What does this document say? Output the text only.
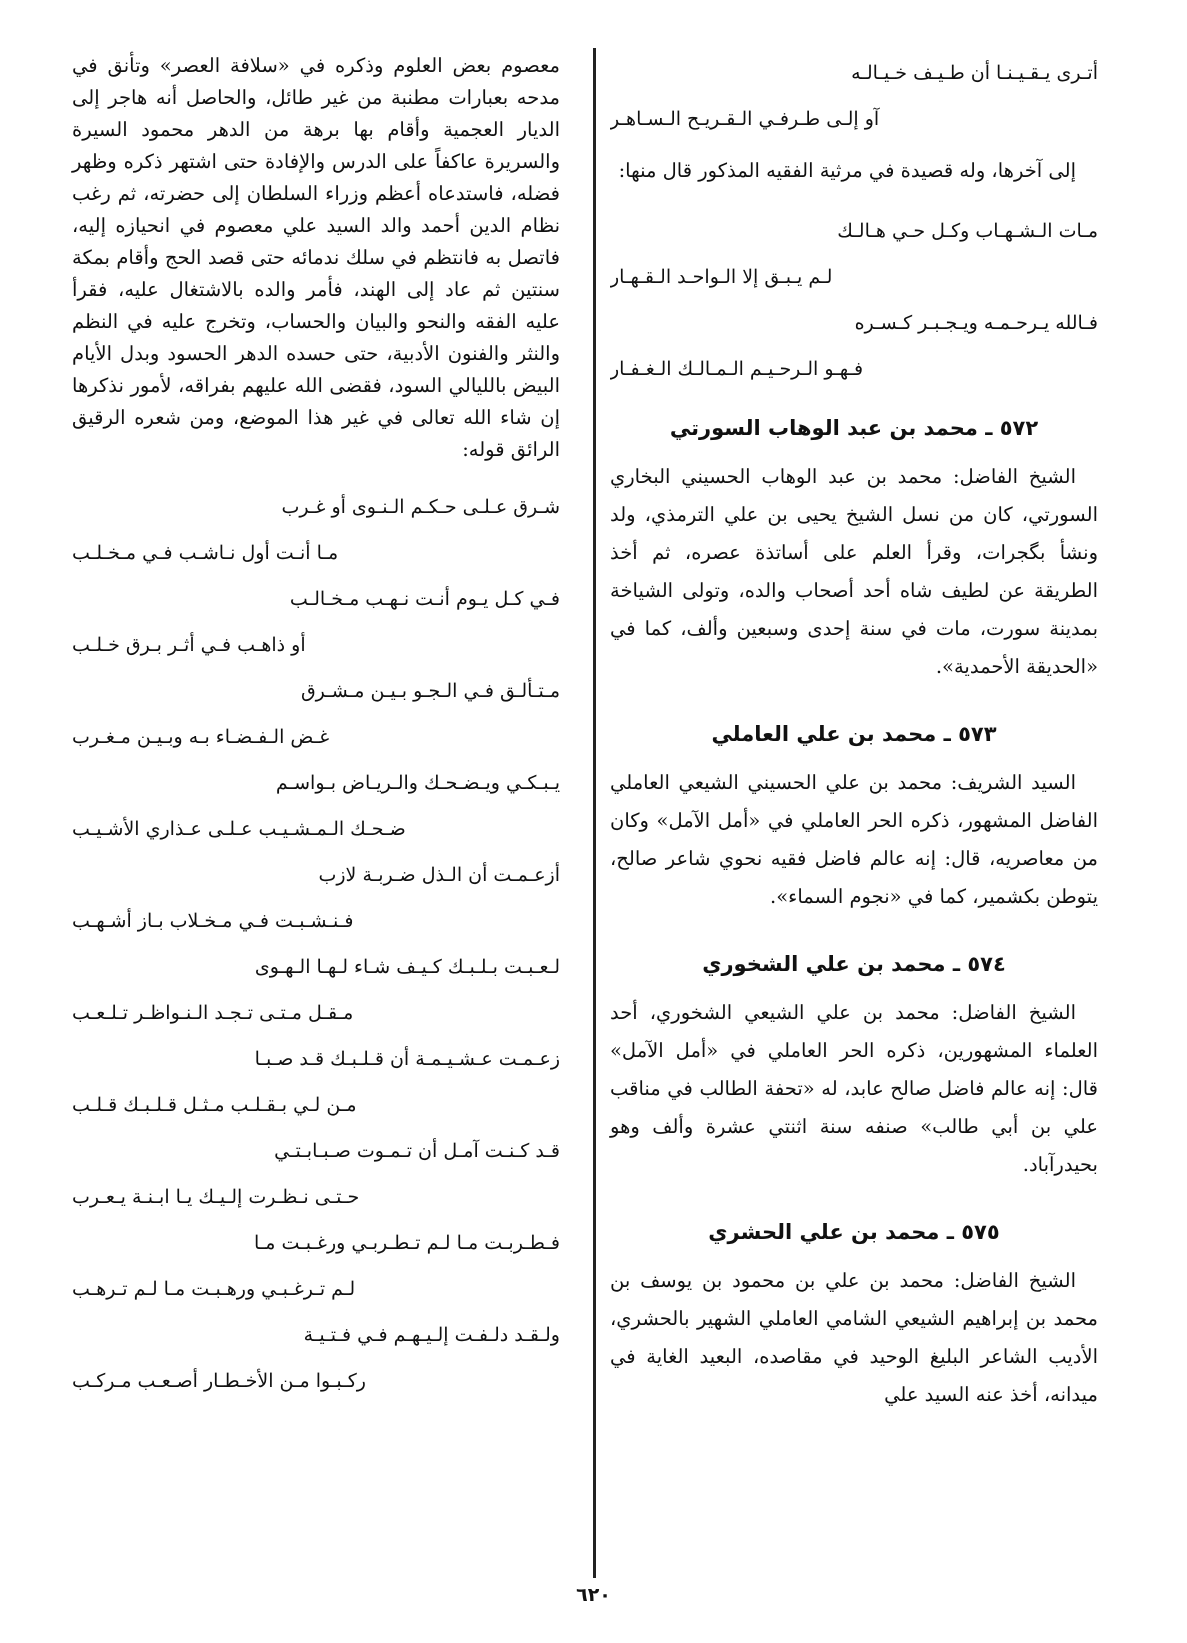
أتـرى يـقـيـنـا أن طـيـف خـيـالـه
آو إلـى طـرفـي الـقـريـح الـسـاهـر

إلى آخرها، وله قصيدة في مرثية الفقيه المذكور قال منها:

مـات الـشـهـاب وكـل حـي هـالـك
لـم يـبـق إلا الـواحـد الـقـهـار
فـالله يـرحـمـه ويـجـبـر كـسـره
فـهـو الـرحـيـم الـمـالـك الـغـفـار
٥٧٢ ـ محمد بن عبد الوهاب السورتي

الشيخ الفاضل: محمد بن عبد الوهاب الحسيني البخاري السورتي، كان من نسل الشيخ يحيى بن علي الترمذي، ولد ونشأ بگجرات، وقرأ العلم على أساتذة عصره، ثم أخذ الطريقة عن لطيف شاه أحد أصحاب والده، وتولى الشياخة بمدينة سورت، مات في سنة إحدى وسبعين وألف، كما في «الحديقة الأحمدية».

٥٧٣ ـ محمد بن علي العاملي

السيد الشريف: محمد بن علي الحسيني الشيعي العاملي الفاضل المشهور، ذكره الحر العاملي في «أمل الآمل» وكان من معاصريه، قال: إنه عالم فاضل فقيه نحوي شاعر صالح، يتوطن بكشمير، كما في «نجوم السماء».

٥٧٤ ـ محمد بن علي الشخوري

الشيخ الفاضل: محمد بن علي الشيعي الشخوري، أحد العلماء المشهورين، ذكره الحر العاملي في «أمل الآمل» قال: إنه عالم فاضل صالح عابد، له «تحفة الطالب في مناقب علي بن أبي طالب» صنفه سنة اثنتي عشرة وألف وهو بحيدرآباد.

٥٧٥ ـ محمد بن علي الحشري

الشيخ الفاضل: محمد بن علي بن محمود بن يوسف بن محمد بن إبراهيم الشيعي الشامي العاملي الشهير بالحشري، الأديب الشاعر البليغ الوحيد في مقاصده، البعيد الغاية في ميدانه، أخذ عنه السيد علي

معصوم بعض العلوم وذكره في «سلافة العصر» وتأنق في مدحه بعبارات مطنبة من غير طائل، والحاصل أنه هاجر إلى الديار العجمية وأقام بها برهة من الدهر محمود السيرة والسريرة عاكفاً على الدرس والإفادة حتى اشتهر ذكره وظهر فضله، فاستدعاه أعظم وزراء السلطان إلى حضرته، ثم رغب نظام الدين أحمد والد السيد علي معصوم في انحيازه إليه، فاتصل به فانتظم في سلك ندمائه حتى قصد الحج وأقام بمكة سنتين ثم عاد إلى الهند، فأمر والده بالاشتغال عليه، فقرأ عليه الفقه والنحو والبيان والحساب، وتخرج عليه في النظم والنثر والفنون الأدبية، حتى حسده الدهر الحسود وبدل الأيام البيض بالليالي السود، فقضى الله عليهم بفراقه، لأمور نذكرها إن شاء الله تعالى في غير هذا الموضع، ومن شعره الرقيق الرائق قوله:

شـرق عـلـى حـكـم الـنـوى أو غـرب
مـا أنـت أول نـاشـب فـي مـخـلـب
فـي كـل يـوم أنـت نـهـب مـخـالـب
أو ذاهـب فـي أثـر بـرق خـلـب
مـتـألـق فـي الـجـو بـيـن مـشـرق
غـض الـفـضـاء بـه وبـيـن مـغـرب
يـبـكـي ويـضـحـك والـريـاض بـواسـم
ضـحـك الـمـشـيـب عـلـى عـذاري الأشـيـب
أزعـمـت أن الـذل ضـربـة لازب
فـنـشـبـت فـي مـخـلاب بـاز أشـهـب
لـعـبـت بـلـبـك كـيـف شـاء لـهـا الـهـوى
مـقـل مـتـى تـجـد الـنـواظـر تـلـعـب
زعـمـت عـشـيـمـة أن قـلـبـك قـد صـبـا
مـن لـي بـقـلـب مـثـل قـلـبـك قـلـب
قـد كـنـت آمـل أن تـمـوت صـبـابـتـي
حـتـى نـظـرت إلـيـك يـا ابـنـة يـعـرب
فـطـربـت مـا لـم تـطـربـي ورغـبـت مـا
لـم تـرغـبـي ورهـبـت مـا لـم تـرهـب
ولـقـد دلـفـت إلـيـهـم فـي فـتـيـة
ركـبـوا مـن الأخـطـار أصـعـب مـركـب
٦٢٠
